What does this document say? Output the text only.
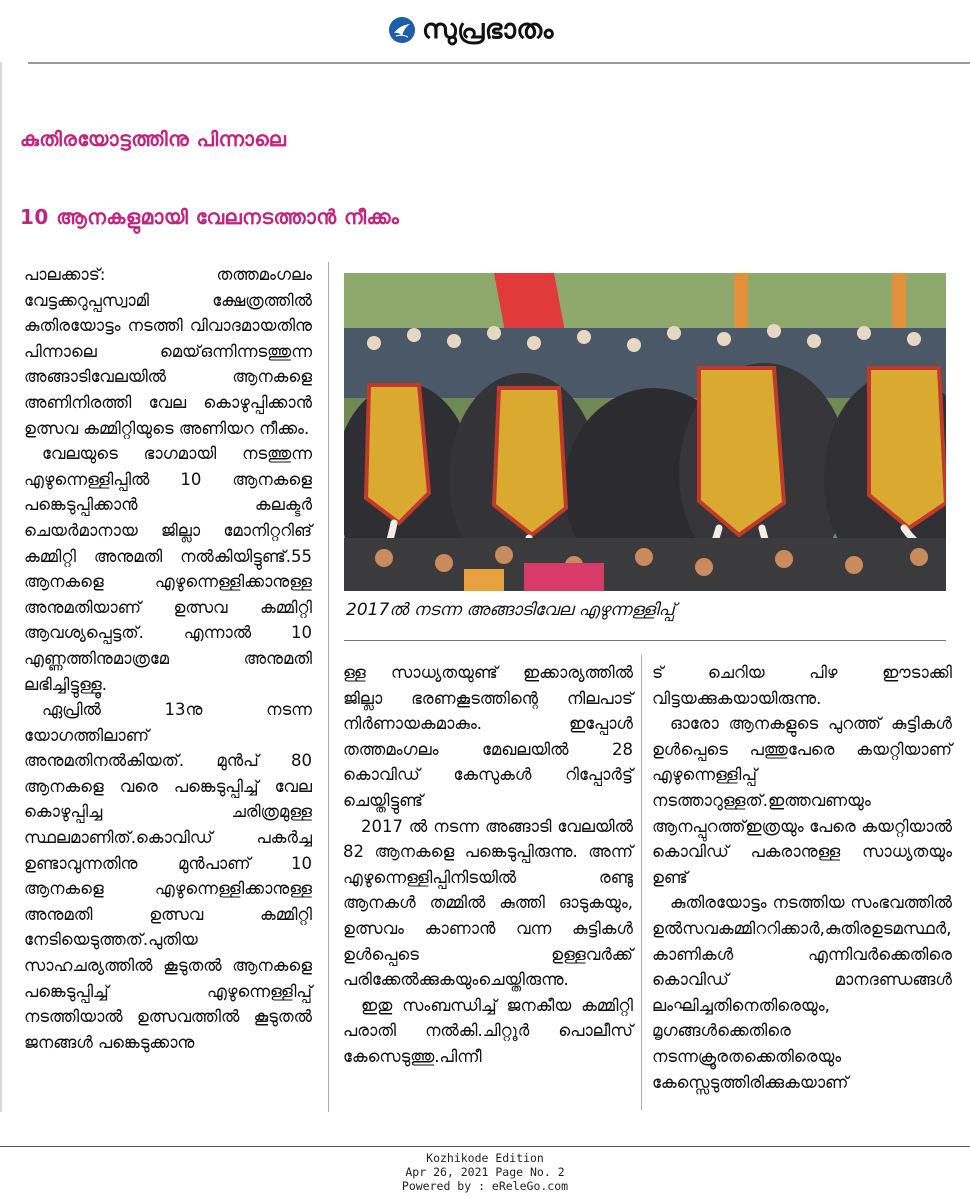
സുപ്രഭാതം
കുതിരയോട്ടത്തിനു പിന്നാലെ
10 ആനകളുമായി വേലനടത്താൻ നീക്കം

പാലക്കാട്: തത്തമംഗലം വേട്ടക്കറുപ്പസ്വാമി ക്ഷേത്രത്തിൽ കുതിരയോട്ടം നടത്തി വിവാദമായതിനു പിന്നാലെ മെയ്ഒന്നിന്നടത്തുന്ന അങ്ങാടിവേലയിൽ ആനകളെ അണിനിരത്തി വേല കൊഴുപ്പിക്കാൻ ഉത്സവ കമ്മിറ്റിയുടെ അണിയറ നീക്കം.

വേലയുടെ ഭാഗമായി നടത്തുന്ന എഴുന്നെള്ളിപ്പിൽ 10 ആനകളെ പങ്കെടുപ്പിക്കാൻ കലക്ടർ ചെയർമാനായ ജില്ലാ മോനിറ്ററിങ് കമ്മിറ്റി അനുമതി നൽകിയിട്ടുണ്ട്.55 ആനകളെ എഴുന്നെള്ളിക്കാനുള്ള അനുമതിയാണ് ഉത്സവ കമ്മിറ്റി ആവശ്യപ്പെട്ടത്. എന്നാൽ 10 എണ്ണത്തിനുമാത്രമേ അനുമതി ലഭിച്ചിട്ടുള്ളൂ.

ഏപ്രിൽ 13നു നടന്ന യോഗത്തിലാണ് അനുമതിനൽകിയത്. മുൻപ് 80 ആനകളെ വരെ പങ്കെടുപ്പിച്ച് വേല കൊഴുപ്പിച്ച ചരിത്രമുള്ള സ്ഥലമാണിത്.കൊവിഡ് പകർച്ച ഉണ്ടാവുന്നതിനു മുൻപാണ് 10 ആനകളെ എഴുന്നെള്ളിക്കാനുള്ള അനുമതി ഉത്സവ കമ്മിറ്റി നേടിയെടുത്തത്.പുതിയ സാഹചര്യത്തിൽ കൂടുതൽ ആനകളെ പങ്കെടുപ്പിച്ച് എഴുന്നെള്ളിപ്പ് നടത്തിയാൽ ഉത്സവത്തിൽ കൂടുതൽ ജനങ്ങൾ പങ്കെടുക്കാനു

2017ൽ നടന്ന അങ്ങാടിവേല എഴുന്നള്ളിപ്പ്

ള്ള സാധ്യതയുണ്ട് ഇക്കാര്യത്തിൽ ജില്ലാ ഭരണകൂടത്തിന്റെ നിലപാട് നിർണായകമാകും. ഇപ്പോൾ തത്തമംഗലം മേഖലയിൽ 28 കൊവിഡ് കേസുകൾ റിപ്പോർട്ട് ചെയ്തിട്ടുണ്ട്

2017 ൽ നടന്ന അങ്ങാടി വേലയിൽ 82 ആനകളെ പങ്കെടുപ്പിരുന്നു. അന്ന് എഴുന്നെള്ളിപ്പിനിടയിൽ രണ്ടു ആനകൾ തമ്മിൽ കുത്തി ഓടുകയും, ഉത്സവം കാണാൻ വന്ന കുട്ടികൾ ഉൾപ്പെടെ ഉള്ളവർക്ക് പരിക്കേൽക്കുകയുംചെയ്തിരുന്നു.

ഇതു സംബന്ധിച്ച് ജനകീയ കമ്മിറ്റി പരാതി നൽകി.ചിറ്റൂർ പൊലീസ് കേസെടുത്തു.പിന്നീ

ട് ചെറിയ പിഴ ഈടാക്കി വിട്ടയക്കുകയായിരുന്നു.

ഓരോ ആനകളുടെ പുറത്ത് കുട്ടികൾ ഉൾപ്പെടെ പത്തുപേരെ കയറ്റിയാണ് എഴുന്നെള്ളിപ്പ് നടത്താറുള്ളത്.ഇത്തവണയും ആനപ്പുറത്ത്ഇത്രയും പേരെ കയറ്റിയാൽ കൊവിഡ് പകരാനുള്ള സാധ്യതയും ഉണ്ട്

കുതിരയോട്ടം നടത്തിയ സംഭവത്തിൽ ഉൽസവകമ്മിററിക്കാർ,കുതിരഉടമസ്ഥർ, കാണികൾ എന്നിവർക്കെതിരെ കൊവിഡ് മാനദണ്ഡങ്ങൾ ലംഘിച്ചതിനെതിരെയും, മൃഗങ്ങൾക്കെതിരെ നടന്നക്രൂരതക്കെതിരെയും കേസ്സെടുത്തിരിക്കുകയാണ്

Kozhikode Edition
Apr 26, 2021 Page No. 2
Powered by : eReleGo.com
